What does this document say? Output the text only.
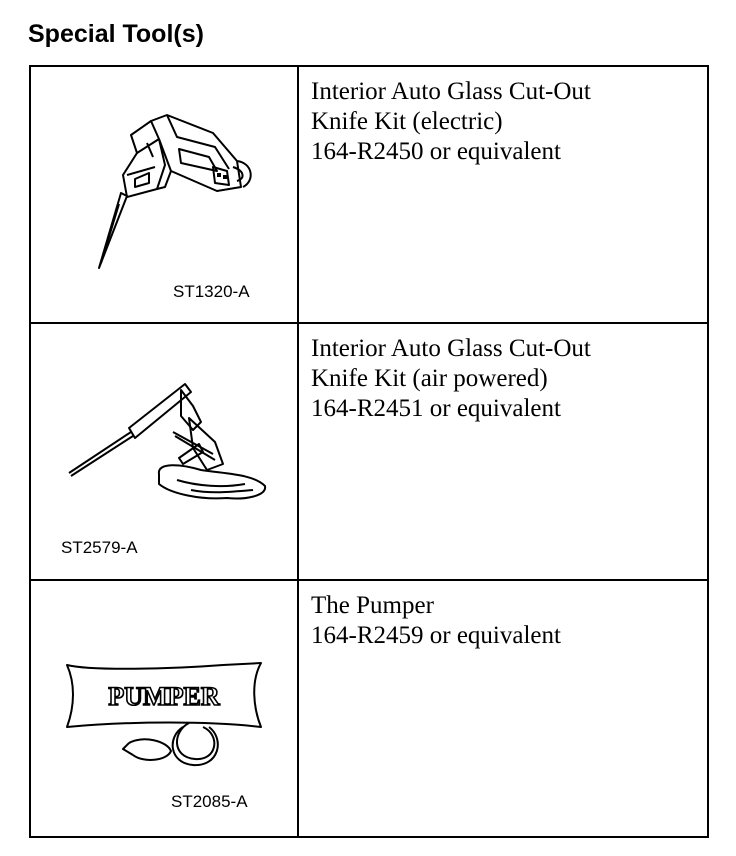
Special Tool(s)
ST1320-A	Interior Auto Glass Cut-Out
Knife Kit (electric)
164-R2450 or equivalent

ST2579-A	Interior Auto Glass Cut-Out
Knife Kit (air powered)
164-R2451 or equivalent

PUMPER
ST2085-A	The Pumper
164-R2459 or equivalent
